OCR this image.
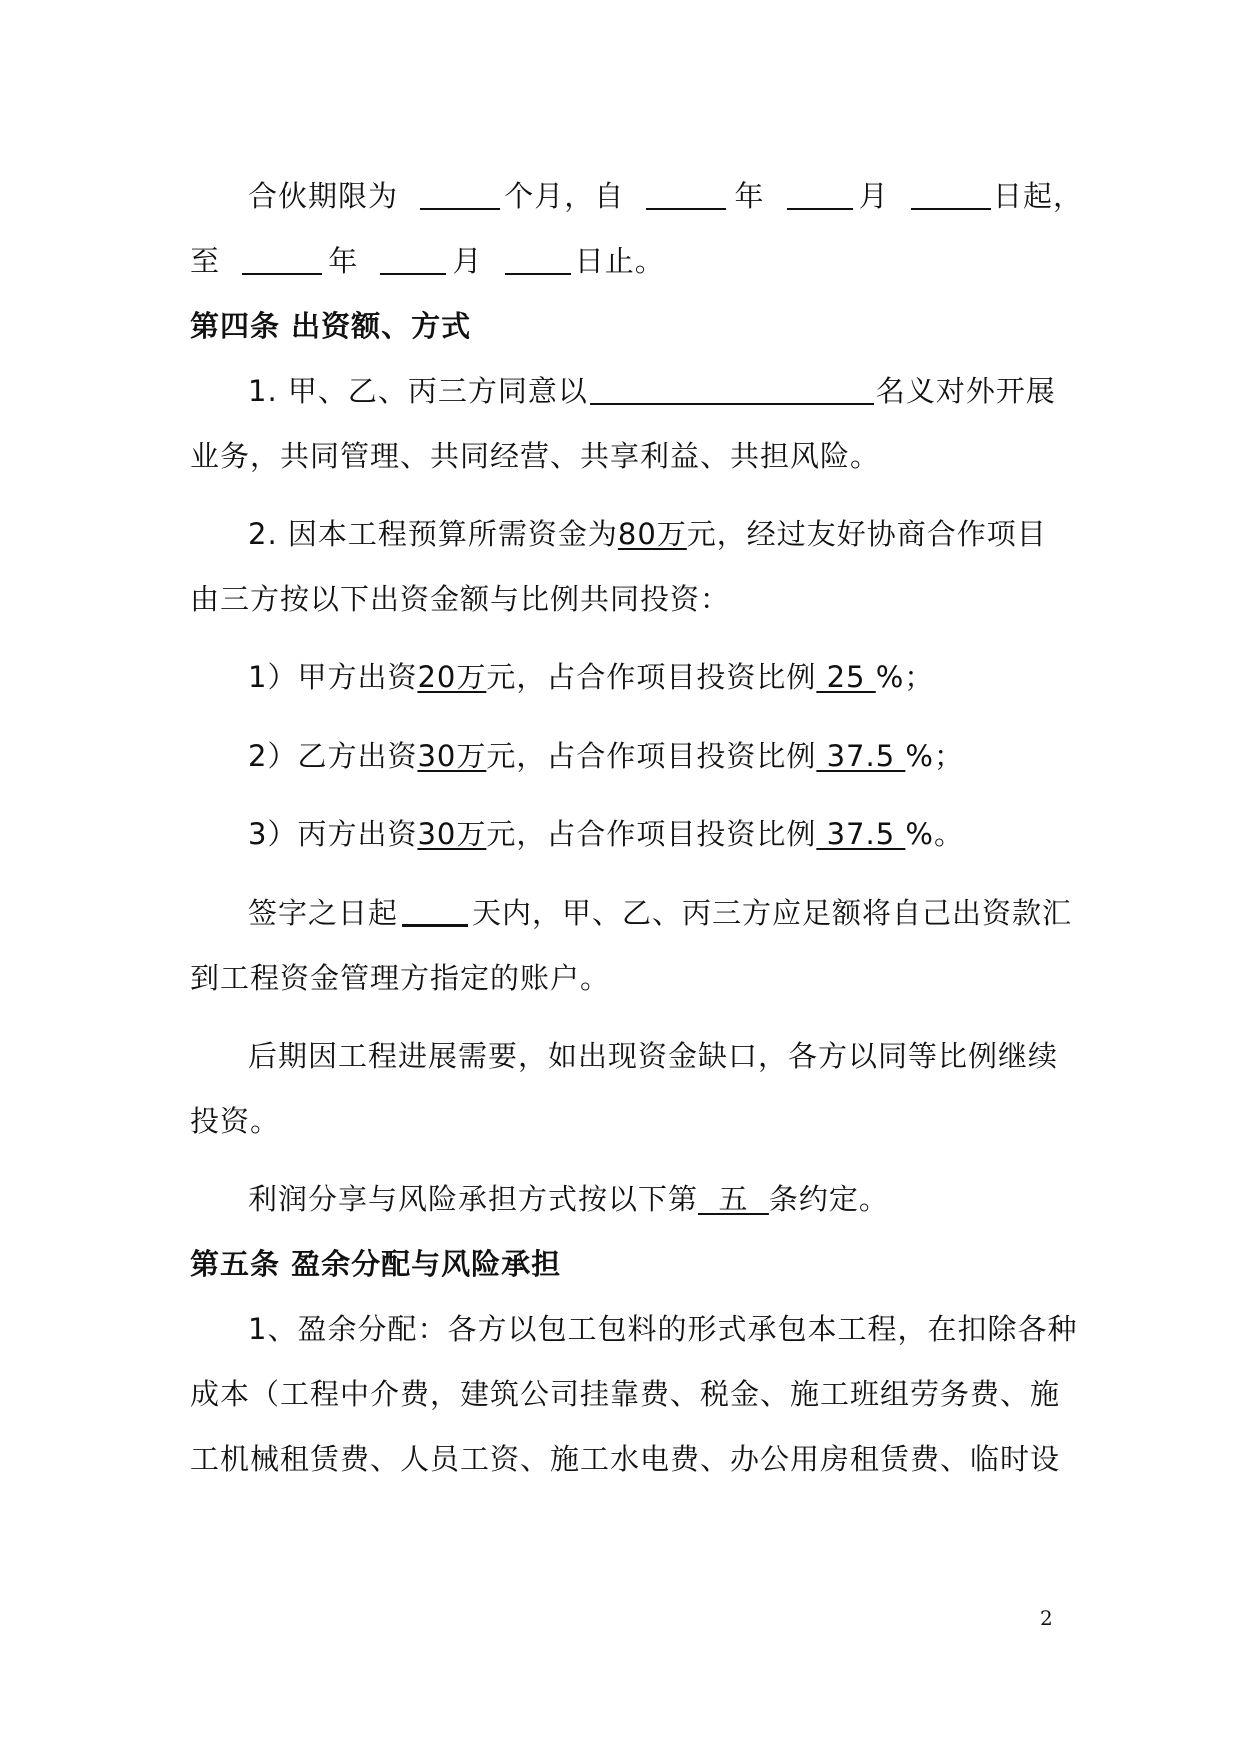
合伙期限为	个月，自	年	月	日起，
至	年	月	日止。
第四条 出资额、方式
1. 甲、乙、丙三方同意以	名义对外开展
业务，共同管理、共同经营、共享利益、共担风险。
2. 因本工程预算所需资金为80万元，经过友好协商合作项目
由三方按以下出资金额与比例共同投资：
1）甲方出资20万元，占合作项目投资比例 25 %；
2）乙方出资30万元，占合作项目投资比例 37.5 %；
3）丙方出资30万元，占合作项目投资比例 37.5 %。
签字之日起	天内，甲、乙、丙三方应足额将自己出资款汇
到工程资金管理方指定的账户。
后期因工程进展需要，如出现资金缺口，各方以同等比例继续
投资。
利润分享与风险承担方式按以下第  五  条约定。
第五条 盈余分配与风险承担
1、盈余分配：各方以包工包料的形式承包本工程，在扣除各种
成本（工程中介费，建筑公司挂靠费、税金、施工班组劳务费、施
工机械租赁费、人员工资、施工水电费、办公用房租赁费、临时设
2
